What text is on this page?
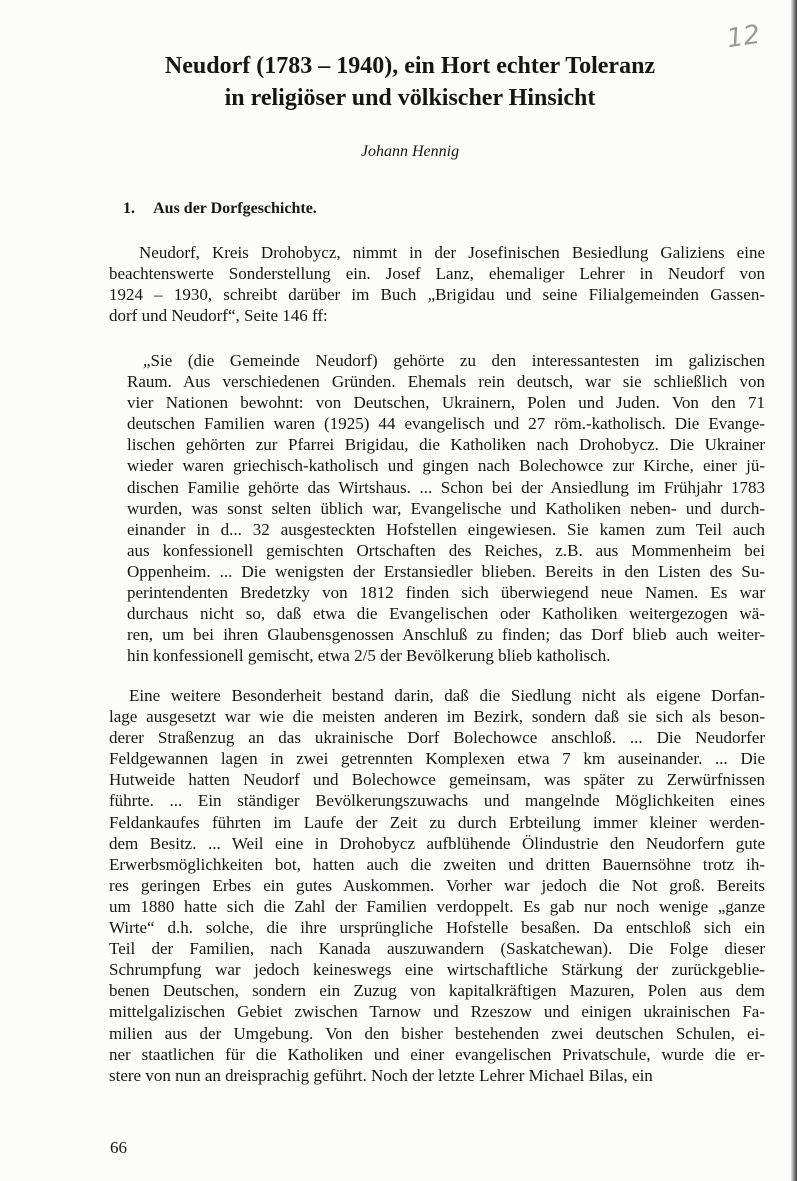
12
Neudorf (1783 – 1940), ein Hort echter Toleranz
in religiöser und völkischer Hinsicht
Johann Hennig
1. Aus der Dorfgeschichte.
Neudorf, Kreis Drohobycz, nimmt in der Josefinischen Besiedlung Galiziens eine
beachtenswerte Sonderstellung ein. Josef Lanz, ehemaliger Lehrer in Neudorf von
1924 – 1930, schreibt darüber im Buch „Brigidau und seine Filialgemeinden Gassen-
dorf und Neudorf“, Seite 146 ff:
„Sie (die Gemeinde Neudorf) gehörte zu den interessantesten im galizischen
Raum. Aus verschiedenen Gründen. Ehemals rein deutsch, war sie schließlich von
vier Nationen bewohnt: von Deutschen, Ukrainern, Polen und Juden. Von den 71
deutschen Familien waren (1925) 44 evangelisch und 27 röm.-katholisch. Die Evange-
lischen gehörten zur Pfarrei Brigidau, die Katholiken nach Drohobycz. Die Ukrainer
wieder waren griechisch-katholisch und gingen nach Bolechowce zur Kirche, einer jü-
dischen Familie gehörte das Wirtshaus. ... Schon bei der Ansiedlung im Frühjahr 1783
wurden, was sonst selten üblich war, Evangelische und Katholiken neben- und durch-
einander in d... 32 ausgesteckten Hofstellen eingewiesen. Sie kamen zum Teil auch
aus konfessionell gemischten Ortschaften des Reiches, z.B. aus Mommenheim bei
Oppenheim. ... Die wenigsten der Erstansiedler blieben. Bereits in den Listen des Su-
perintendenten Bredetzky von 1812 finden sich überwiegend neue Namen. Es war
durchaus nicht so, daß etwa die Evangelischen oder Katholiken weitergezogen wä-
ren, um bei ihren Glaubensgenossen Anschluß zu finden; das Dorf blieb auch weiter-
hin konfessionell gemischt, etwa 2/5 der Bevölkerung blieb katholisch.
Eine weitere Besonderheit bestand darin, daß die Siedlung nicht als eigene Dorfan-
lage ausgesetzt war wie die meisten anderen im Bezirk, sondern daß sie sich als beson-
derer Straßenzug an das ukrainische Dorf Bolechowce anschloß. ... Die Neudorfer
Feldgewannen lagen in zwei getrennten Komplexen etwa 7 km auseinander. ... Die
Hutweide hatten Neudorf und Bolechowce gemeinsam, was später zu Zerwürfnissen
führte. ... Ein ständiger Bevölkerungszuwachs und mangelnde Möglichkeiten eines
Feldankaufes führten im Laufe der Zeit zu durch Erbteilung immer kleiner werden-
dem Besitz. ... Weil eine in Drohobycz aufblühende Ölindustrie den Neudorfern gute
Erwerbsmöglichkeiten bot, hatten auch die zweiten und dritten Bauernsöhne trotz ih-
res geringen Erbes ein gutes Auskommen. Vorher war jedoch die Not groß. Bereits
um 1880 hatte sich die Zahl der Familien verdoppelt. Es gab nur noch wenige „ganze
Wirte“ d.h. solche, die ihre ursprüngliche Hofstelle besaßen. Da entschloß sich ein
Teil der Familien, nach Kanada auszuwandern (Saskatchewan). Die Folge dieser
Schrumpfung war jedoch keineswegs eine wirtschaftliche Stärkung der zurückgeblie-
benen Deutschen, sondern ein Zuzug von kapitalkräftigen Mazuren, Polen aus dem
mittelgalizischen Gebiet zwischen Tarnow und Rzeszow und einigen ukrainischen Fa-
milien aus der Umgebung. Von den bisher bestehenden zwei deutschen Schulen, ei-
ner staatlichen für die Katholiken und einer evangelischen Privatschule, wurde die er-
stere von nun an dreisprachig geführt. Noch der letzte Lehrer Michael Bilas, ein
66
